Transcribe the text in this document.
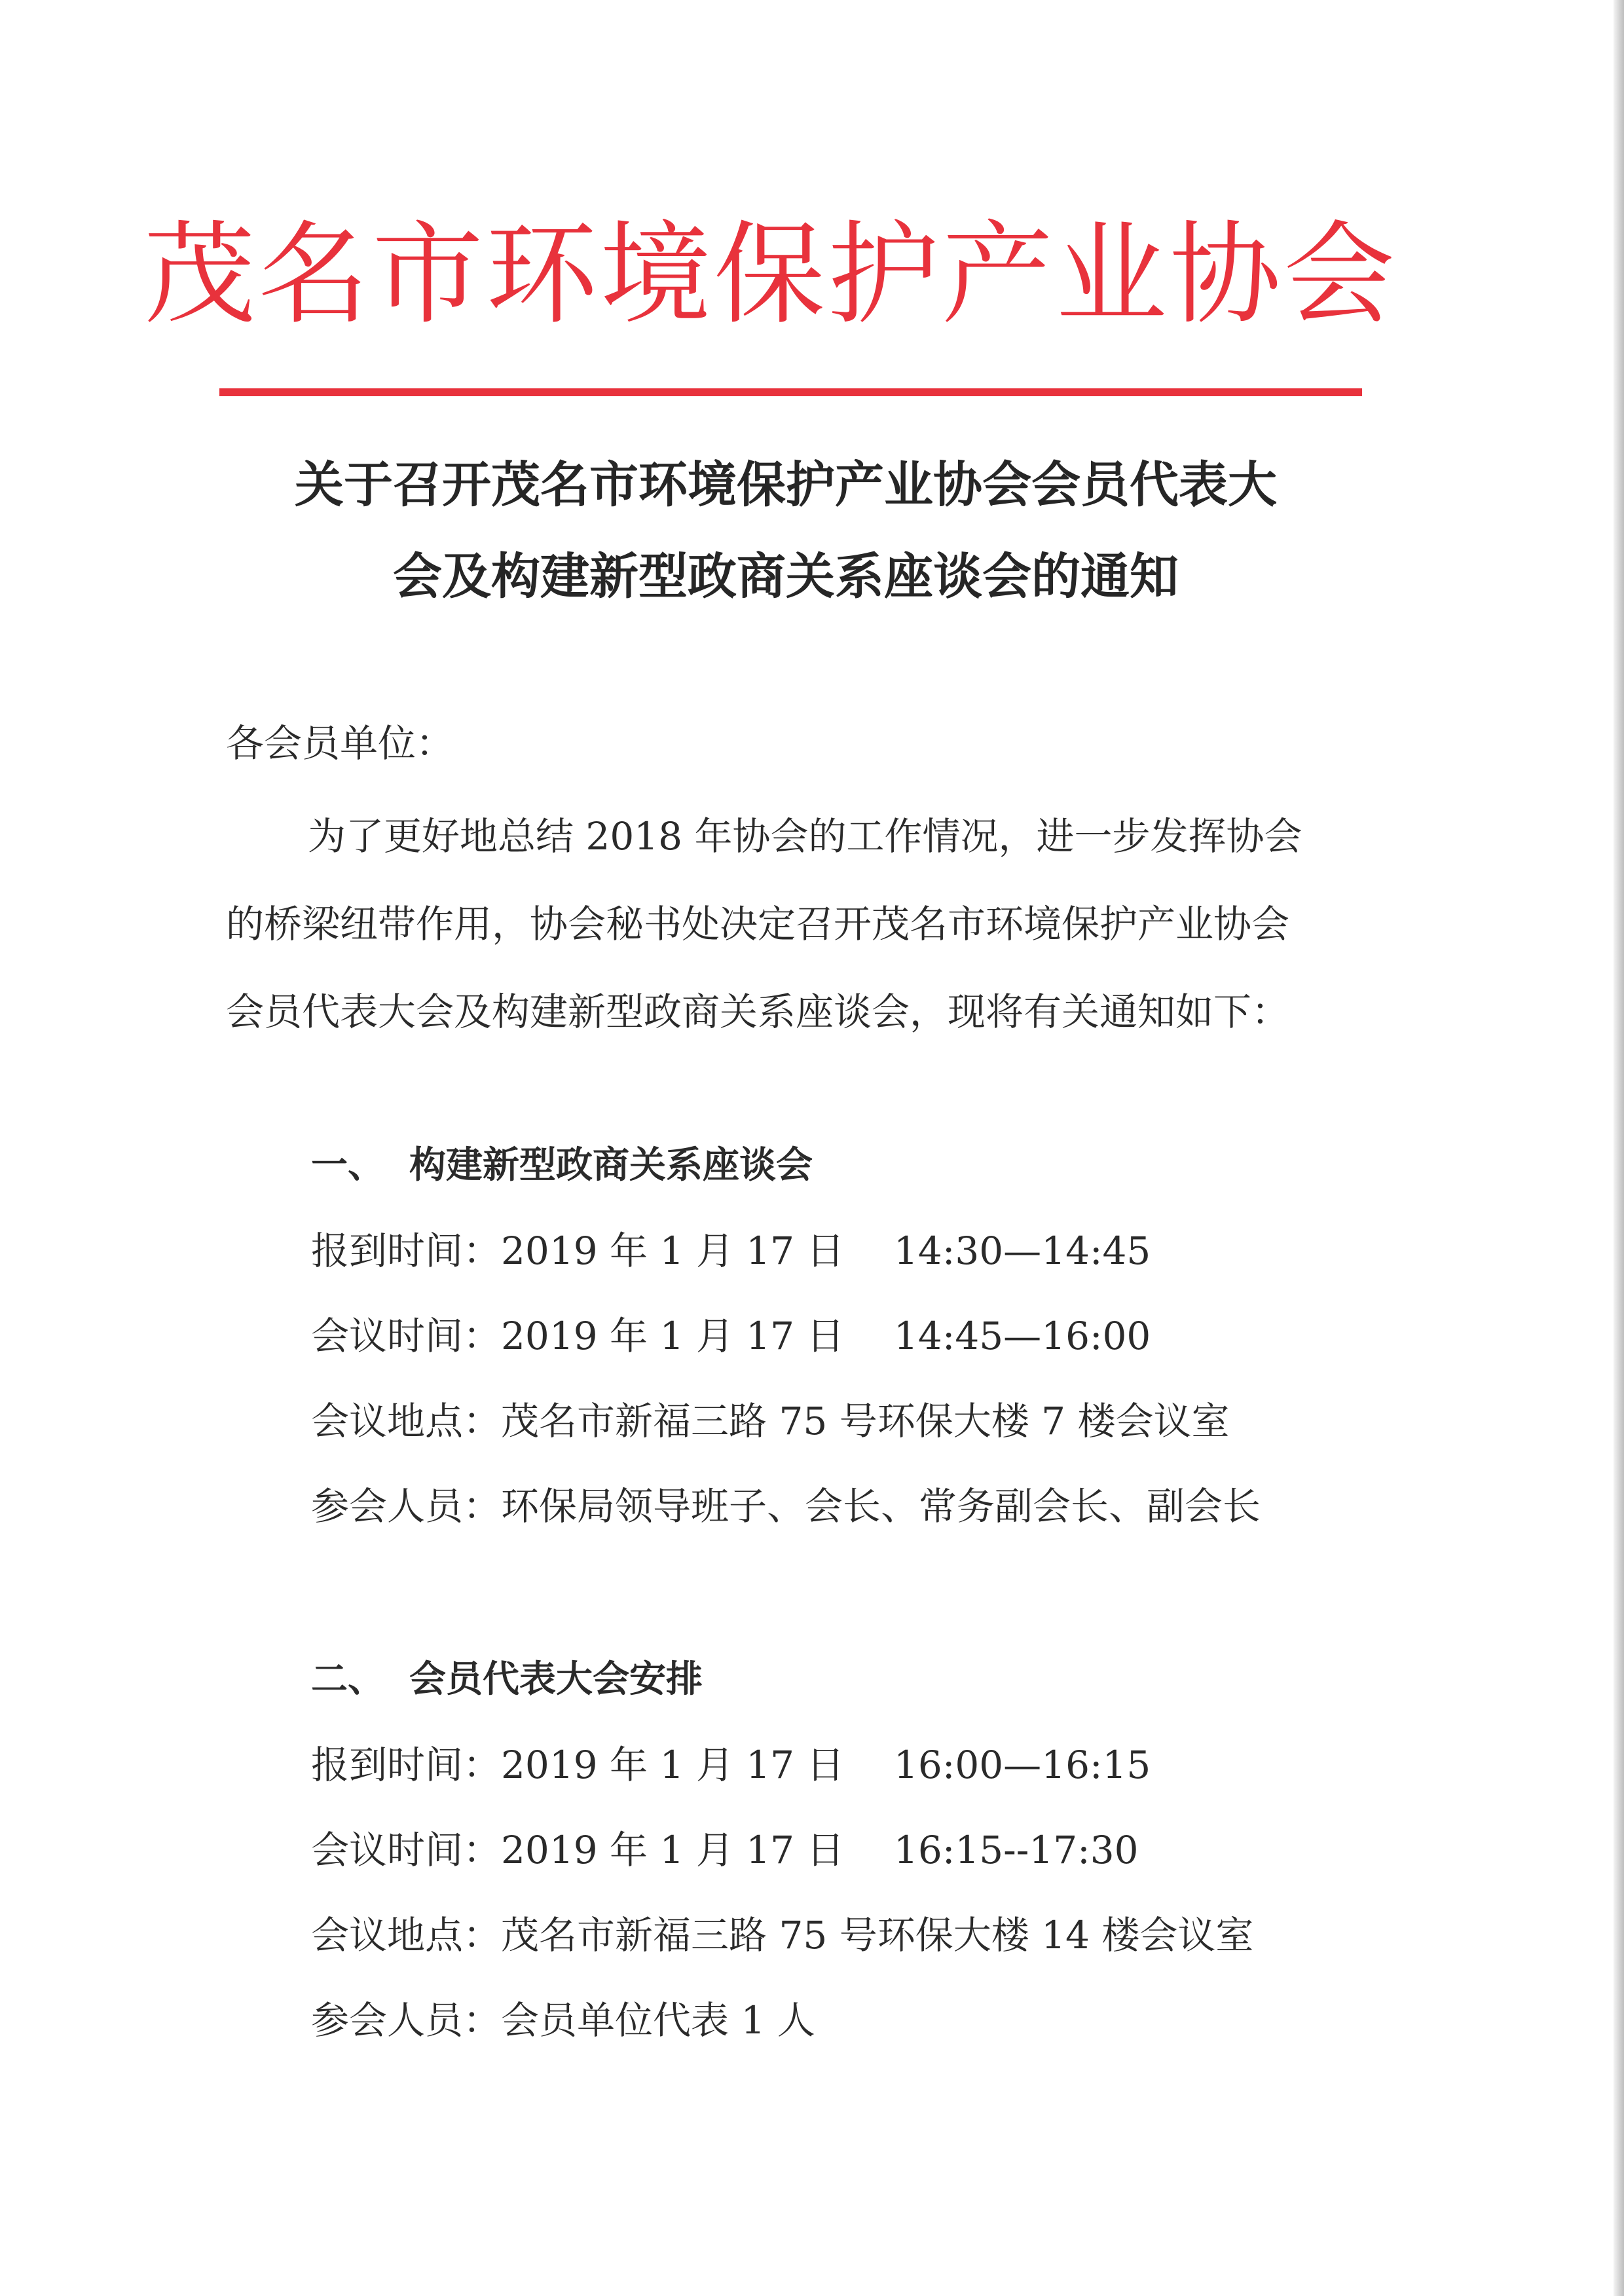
茂名市环境保护产业协会
关于召开茂名市环境保护产业协会会员代表大
会及构建新型政商关系座谈会的通知
各会员单位：
为了更好地总结 2018 年协会的工作情况，进一步发挥协会
的桥梁纽带作用，协会秘书处决定召开茂名市环境保护产业协会
会员代表大会及构建新型政商关系座谈会，现将有关通知如下：
一、 构建新型政商关系座谈会
报到时间：2019 年 1 月 17 日 14:30—14:45
会议时间：2019 年 1 月 17 日 14:45—16:00
会议地点：茂名市新福三路 75 号环保大楼 7 楼会议室
参会人员：环保局领导班子、会长、常务副会长、副会长
二、 会员代表大会安排
报到时间：2019 年 1 月 17 日 16:00—16:15
会议时间：2019 年 1 月 17 日 16:15--17:30
会议地点：茂名市新福三路 75 号环保大楼 14 楼会议室
参会人员：会员单位代表 1 人
